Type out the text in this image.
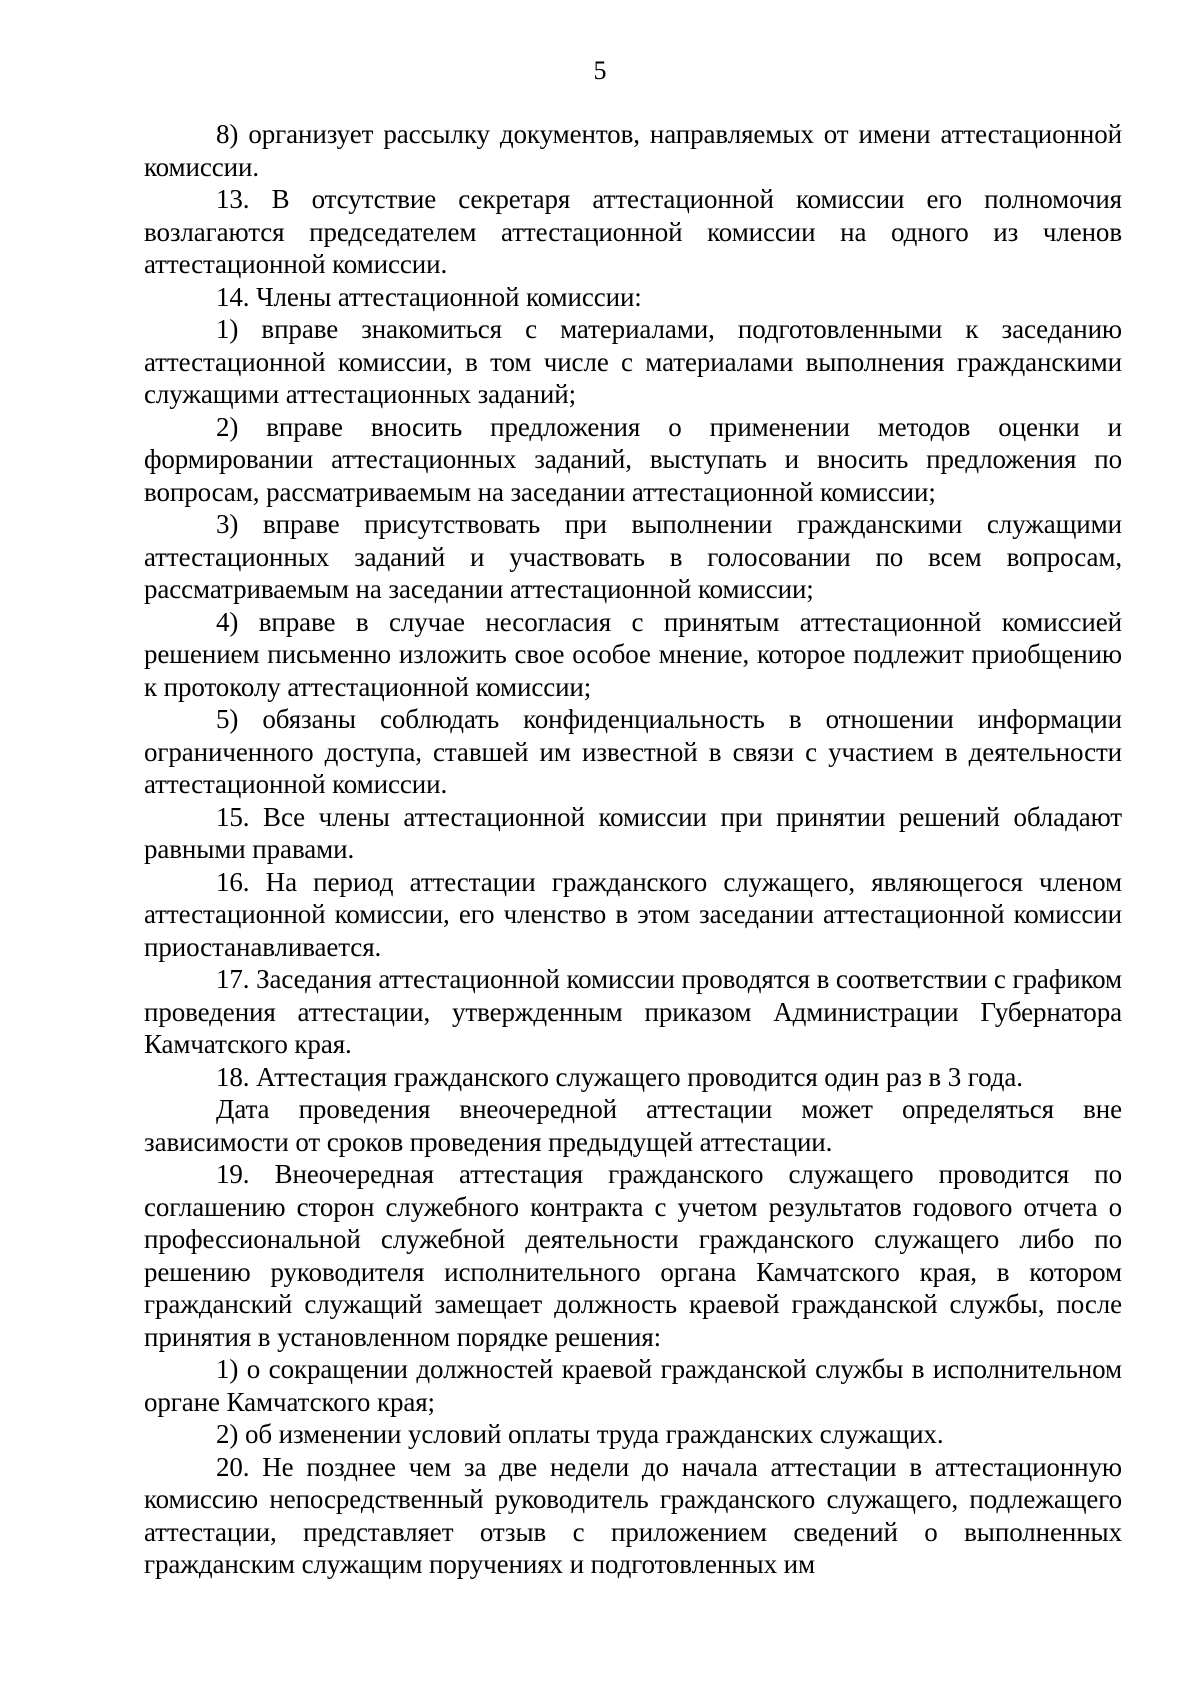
5

8) организует рассылку документов, направляемых от имени аттестационной комиссии.

13. В отсутствие секретаря аттестационной комиссии его полномочия возлагаются председателем аттестационной комиссии на одного из членов аттестационной комиссии.

14. Члены аттестационной комиссии:

1) вправе знакомиться с материалами, подготовленными к заседанию аттестационной комиссии, в том числе с материалами выполнения гражданскими служащими аттестационных заданий;

2) вправе вносить предложения о применении методов оценки и формировании аттестационных заданий, выступать и вносить предложения по вопросам, рассматриваемым на заседании аттестационной комиссии;

3) вправе присутствовать при выполнении гражданскими служащими аттестационных заданий и участвовать в голосовании по всем вопросам, рассматриваемым на заседании аттестационной комиссии;

4) вправе в случае несогласия с принятым аттестационной комиссией решением письменно изложить свое особое мнение, которое подлежит приобщению к протоколу аттестационной комиссии;

5) обязаны соблюдать конфиденциальность в отношении информации ограниченного доступа, ставшей им известной в связи с участием в деятельности аттестационной комиссии.

15. Все члены аттестационной комиссии при принятии решений обладают равными правами.

16. На период аттестации гражданского служащего, являющегося членом аттестационной комиссии, его членство в этом заседании аттестационной комиссии приостанавливается.

17. Заседания аттестационной комиссии проводятся в соответствии с графиком проведения аттестации, утвержденным приказом Администрации Губернатора Камчатского края.

18. Аттестация гражданского служащего проводится один раз в 3 года.

Дата проведения внеочередной аттестации может определяться вне зависимости от сроков проведения предыдущей аттестации.

19. Внеочередная аттестация гражданского служащего проводится по соглашению сторон служебного контракта с учетом результатов годового отчета о профессиональной служебной деятельности гражданского служащего либо по решению руководителя исполнительного органа Камчатского края, в котором гражданский служащий замещает должность краевой гражданской службы, после принятия в установленном порядке решения:

1) о сокращении должностей краевой гражданской службы в исполнительном органе Камчатского края;

2) об изменении условий оплаты труда гражданских служащих.

20. Не позднее чем за две недели до начала аттестации в аттестационную комиссию непосредственный руководитель гражданского служащего, подлежащего аттестации, представляет отзыв с приложением сведений о выполненных гражданским служащим поручениях и подготовленных им
